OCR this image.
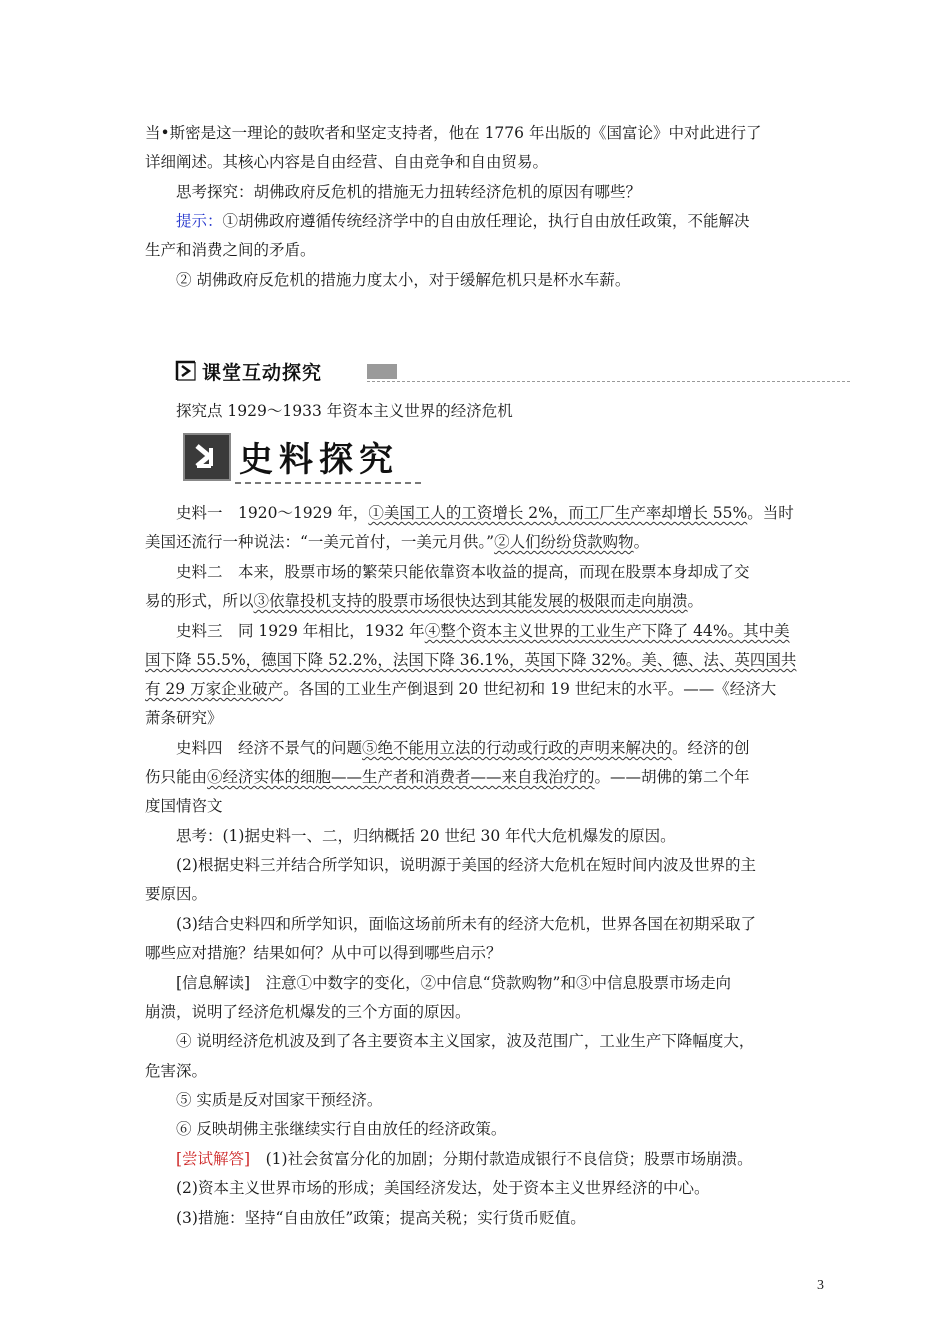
当•斯密是这一理论的鼓吹者和坚定支持者，他在 1776 年出版的《国富论》中对此进行了
详细阐述。其核心内容是自由经营、自由竞争和自由贸易。
思考探究：胡佛政府反危机的措施无力扭转经济危机的原因有哪些？
提示：①胡佛政府遵循传统经济学中的自由放任理论，执行自由放任政策，不能解决
生产和消费之间的矛盾。
② 胡佛政府反危机的措施力度太小，对于缓解危机只是杯水车薪。
课堂互动探究
探究点 1929～1933 年资本主义世界的经济危机
史料探究
史料一　1920～1929 年，①美国工人的工资增长 2%，而工厂生产率却增长 55%。当时
美国还流行一种说法：“一美元首付，一美元月供。”②人们纷纷贷款购物。
史料二　本来，股票市场的繁荣只能依靠资本收益的提高，而现在股票本身却成了交
易的形式，所以③依靠投机支持的股票市场很快达到其能发展的极限而走向崩溃。
史料三　同 1929 年相比，1932 年④整个资本主义世界的工业生产下降了 44%。其中美
国下降 55.5%，德国下降 52.2%，法国下降 36.1%，英国下降 32%。美、德、法、英四国共
有 29 万家企业破产。各国的工业生产倒退到 20 世纪初和 19 世纪末的水平。——《经济大
萧条研究》
史料四　经济不景气的问题⑤绝不能用立法的行动或行政的声明来解决的。经济的创
伤只能由⑥经济实体的细胞——生产者和消费者——来自我治疗的。——胡佛的第二个年
度国情咨文
思考：(1)据史料一、二，归纳概括 20 世纪 30 年代大危机爆发的原因。
(2)根据史料三并结合所学知识，说明源于美国的经济大危机在短时间内波及世界的主
要原因。
(3)结合史料四和所学知识，面临这场前所未有的经济大危机，世界各国在初期采取了
哪些应对措施？结果如何？从中可以得到哪些启示？
[信息解读]　注意①中数字的变化，②中信息“贷款购物”和③中信息股票市场走向
崩溃，说明了经济危机爆发的三个方面的原因。
④ 说明经济危机波及到了各主要资本主义国家，波及范围广，工业生产下降幅度大，
危害深。
⑤ 实质是反对国家干预经济。
⑥ 反映胡佛主张继续实行自由放任的经济政策。
[尝试解答]　(1)社会贫富分化的加剧；分期付款造成银行不良信贷；股票市场崩溃。
(2)资本主义世界市场的形成；美国经济发达，处于资本主义世界经济的中心。
(3)措施：坚持“自由放任”政策；提高关税；实行货币贬值。
3
